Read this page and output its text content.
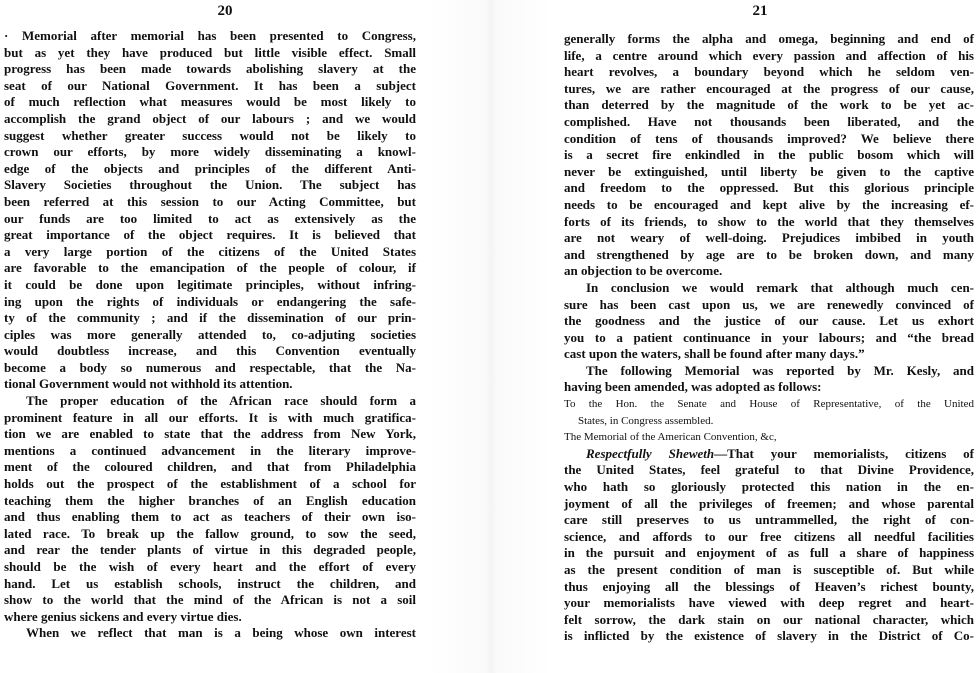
20
· Memorial after memorial has been presented to Congress,
but as yet they have produced but little visible effect. Small
progress has been made towards abolishing slavery at the
seat of our National Government. It has been a subject
of much reflection what measures would be most likely to
accomplish the grand object of our labours ; and we would
suggest whether greater success would not be likely to
crown our efforts, by more widely disseminating a knowl-
edge of the objects and principles of the different Anti-
Slavery Societies throughout the Union. The subject has
been referred at this session to our Acting Committee, but
our funds are too limited to act as extensively as the
great importance of the object requires. It is believed that
a very large portion of the citizens of the United States
are favorable to the emancipation of the people of colour, if
it could be done upon legitimate principles, without infring-
ing upon the rights of individuals or endangering the safe-
ty of the community ; and if the dissemination of our prin-
ciples was more generally attended to, co-adjuting societies
would doubtless increase, and this Convention eventually
become a body so numerous and respectable, that the Na-
tional Government would not withhold its attention.
The proper education of the African race should form a
prominent feature in all our efforts. It is with much gratifica-
tion we are enabled to state that the address from New York,
mentions a continued advancement in the literary improve-
ment of the coloured children, and that from Philadelphia
holds out the prospect of the establishment of a school for
teaching them the higher branches of an English education
and thus enabling them to act as teachers of their own iso-
lated race. To break up the fallow ground, to sow the seed,
and rear the tender plants of virtue in this degraded people,
should be the wish of every heart and the effort of every
hand. Let us establish schools, instruct the children, and
show to the world that the mind of the African is not a soil
where genius sickens and every virtue dies.
When we reflect that man is a being whose own interest
21
generally forms the alpha and omega, beginning and end of
life, a centre around which every passion and affection of his
heart revolves, a boundary beyond which he seldom ven-
tures, we are rather encouraged at the progress of our cause,
than deterred by the magnitude of the work to be yet ac-
complished. Have not thousands been liberated, and the
condition of tens of thousands improved? We believe there
is a secret fire enkindled in the public bosom which will
never be extinguished, until liberty be given to the captive
and freedom to the oppressed. But this glorious principle
needs to be encouraged and kept alive by the increasing ef-
forts of its friends, to show to the world that they themselves
are not weary of well-doing. Prejudices imbibed in youth
and strengthened by age are to be broken down, and many
an objection to be overcome.
In conclusion we would remark that although much cen-
sure has been cast upon us, we are renewedly convinced of
the goodness and the justice of our cause. Let us exhort
you to a patient continuance in your labours; and “the bread
cast upon the waters, shall be found after many days.”
The following Memorial was reported by Mr. Kesly, and
having been amended, was adopted as follows:
To the Hon. the Senate and House of Representative, of the United
States, in Congress assembled.
The Memorial of the American Convention, &c,
Respectfully Sheweth—That your memorialists, citizens of
the United States, feel grateful to that Divine Providence,
who hath so gloriously protected this nation in the en-
joyment of all the privileges of freemen; and whose parental
care still preserves to us untrammelled, the right of con-
science, and affords to our free citizens all needful facilities
in the pursuit and enjoyment of as full a share of happiness
as the present condition of man is susceptible of. But while
thus enjoying all the blessings of Heaven’s richest bounty,
your memorialists have viewed with deep regret and heart-
felt sorrow, the dark stain on our national character, which
is inflicted by the existence of slavery in the District of Co-
